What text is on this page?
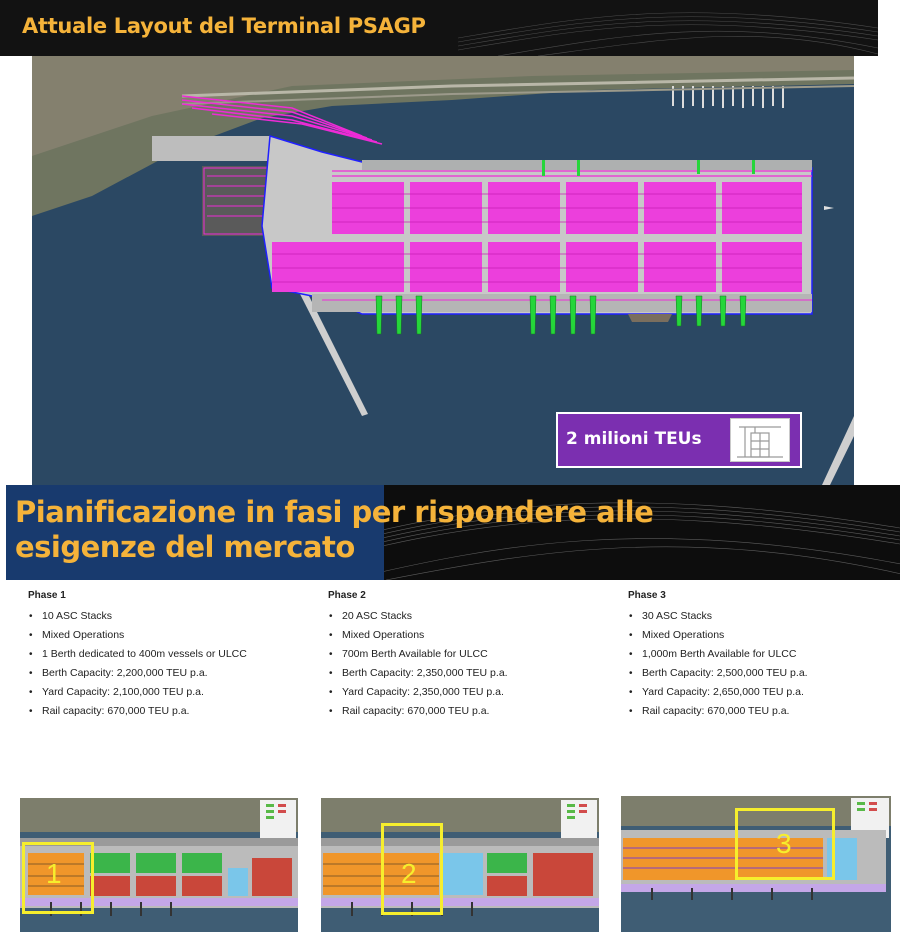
Attuale Layout del Terminal PSAGP
2 milioni TEUs
Pianificazione in fasi per rispondere alle
esigenze del mercato
Phase 1
• 10 ASC Stacks
• Mixed Operations
• 1 Berth dedicated to 400m vessels or ULCC
• Berth Capacity: 2,200,000 TEU p.a.
• Yard Capacity: 2,100,000 TEU p.a.
• Rail capacity: 670,000 TEU p.a.
Phase 2
• 20 ASC Stacks
• Mixed Operations
• 700m Berth Available for ULCC
• Berth Capacity: 2,350,000 TEU p.a.
• Yard Capacity: 2,350,000 TEU p.a.
• Rail capacity: 670,000 TEU p.a.
Phase 3
• 30 ASC Stacks
• Mixed Operations
• 1,000m Berth Available for ULCC
• Berth Capacity: 2,500,000 TEU p.a.
• Yard Capacity: 2,650,000 TEU p.a.
• Rail capacity: 670,000 TEU p.a.
1	2
3
